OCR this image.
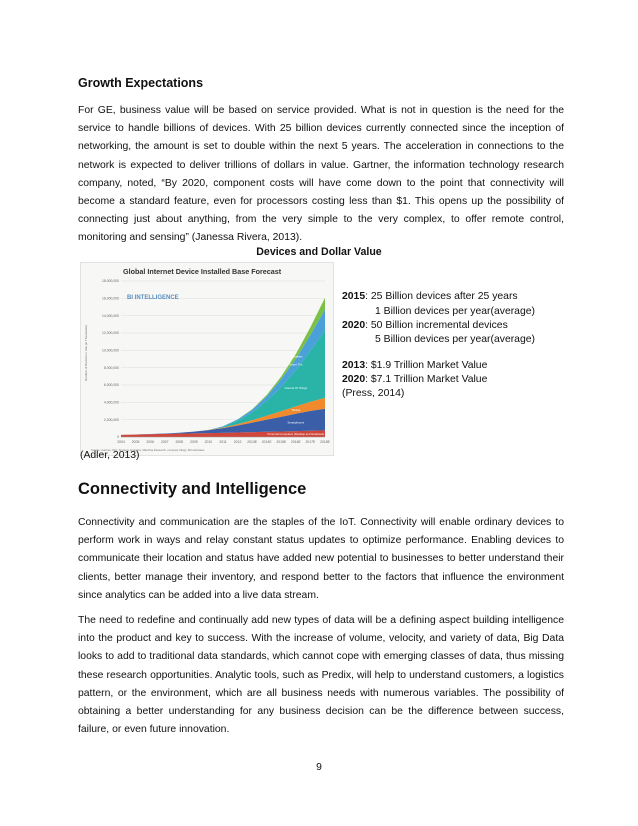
Growth Expectations

For GE, business value will be based on service provided. What is not in question is the need for the service to handle billions of devices. With 25 billion devices currently connected since the inception of networking, the amount is set to double within the next 5 years. The acceleration in connections to the network is expected to deliver trillions of dollars in value. Gartner, the information technology research company, noted, “By 2020, component costs will have come down to the point that connectivity will become a standard feature, even for processors costing less than $1. This opens up the possibility of connecting just about anything, from the very simple to the very complex, to offer remote control, monitoring and sensing” (Janessa Rivera, 2013).

Devices and Dollar Value
0
2,000,000
4,000,000
6,000,000
8,000,000
10,000,000
12,000,000
14,000,000
16,000,000
18,000,000
2004 2005 2006 2007 2008 2009 2010 2011 2012 2013E 2014E 2015E 2016E 2017E 2018E
Global Internet Device Installed Base Forecast
BI INTELLIGENCE
Number of Devices in Use (in Thousands)
Source: Gartner, IDC, Strategy Analytics, Machina Research, company filings, BII estimates
Personal Computers (Desktop and Notebook)
Smartphones
Tablets
Internet Of Things
Smart TVs
Wearables
(Adler, 2013)
2015: 25 Billion devices after 25 years
1 Billion devices per year(average)
2020: 50 Billion incremental devices
5 Billion devices per year(average)
2013: $1.9 Trillion Market Value
2020: $7.1 Trillion Market Value
(Press, 2014)
Connectivity and Intelligence

Connectivity and communication are the staples of the IoT. Connectivity will enable ordinary devices to perform work in ways and relay constant status updates to optimize performance. Enabling devices to communicate their location and status have added new potential to businesses to better understand their clients, better manage their inventory, and respond better to the factors that influence the environment since analytics can be added into a live data stream.

The need to redefine and continually add new types of data will be a defining aspect building intelligence into the product and key to success. With the increase of volume, velocity, and variety of data, Big Data looks to add to traditional data standards, which cannot cope with emerging classes of data, thus missing these research opportunities. Analytic tools, such as Predix, will help to understand customers, a logistics pattern, or the environment, which are all business needs with numerous variables. The possibility of obtaining a better understanding for any business decision can be the difference between success, failure, or even future innovation.

9
